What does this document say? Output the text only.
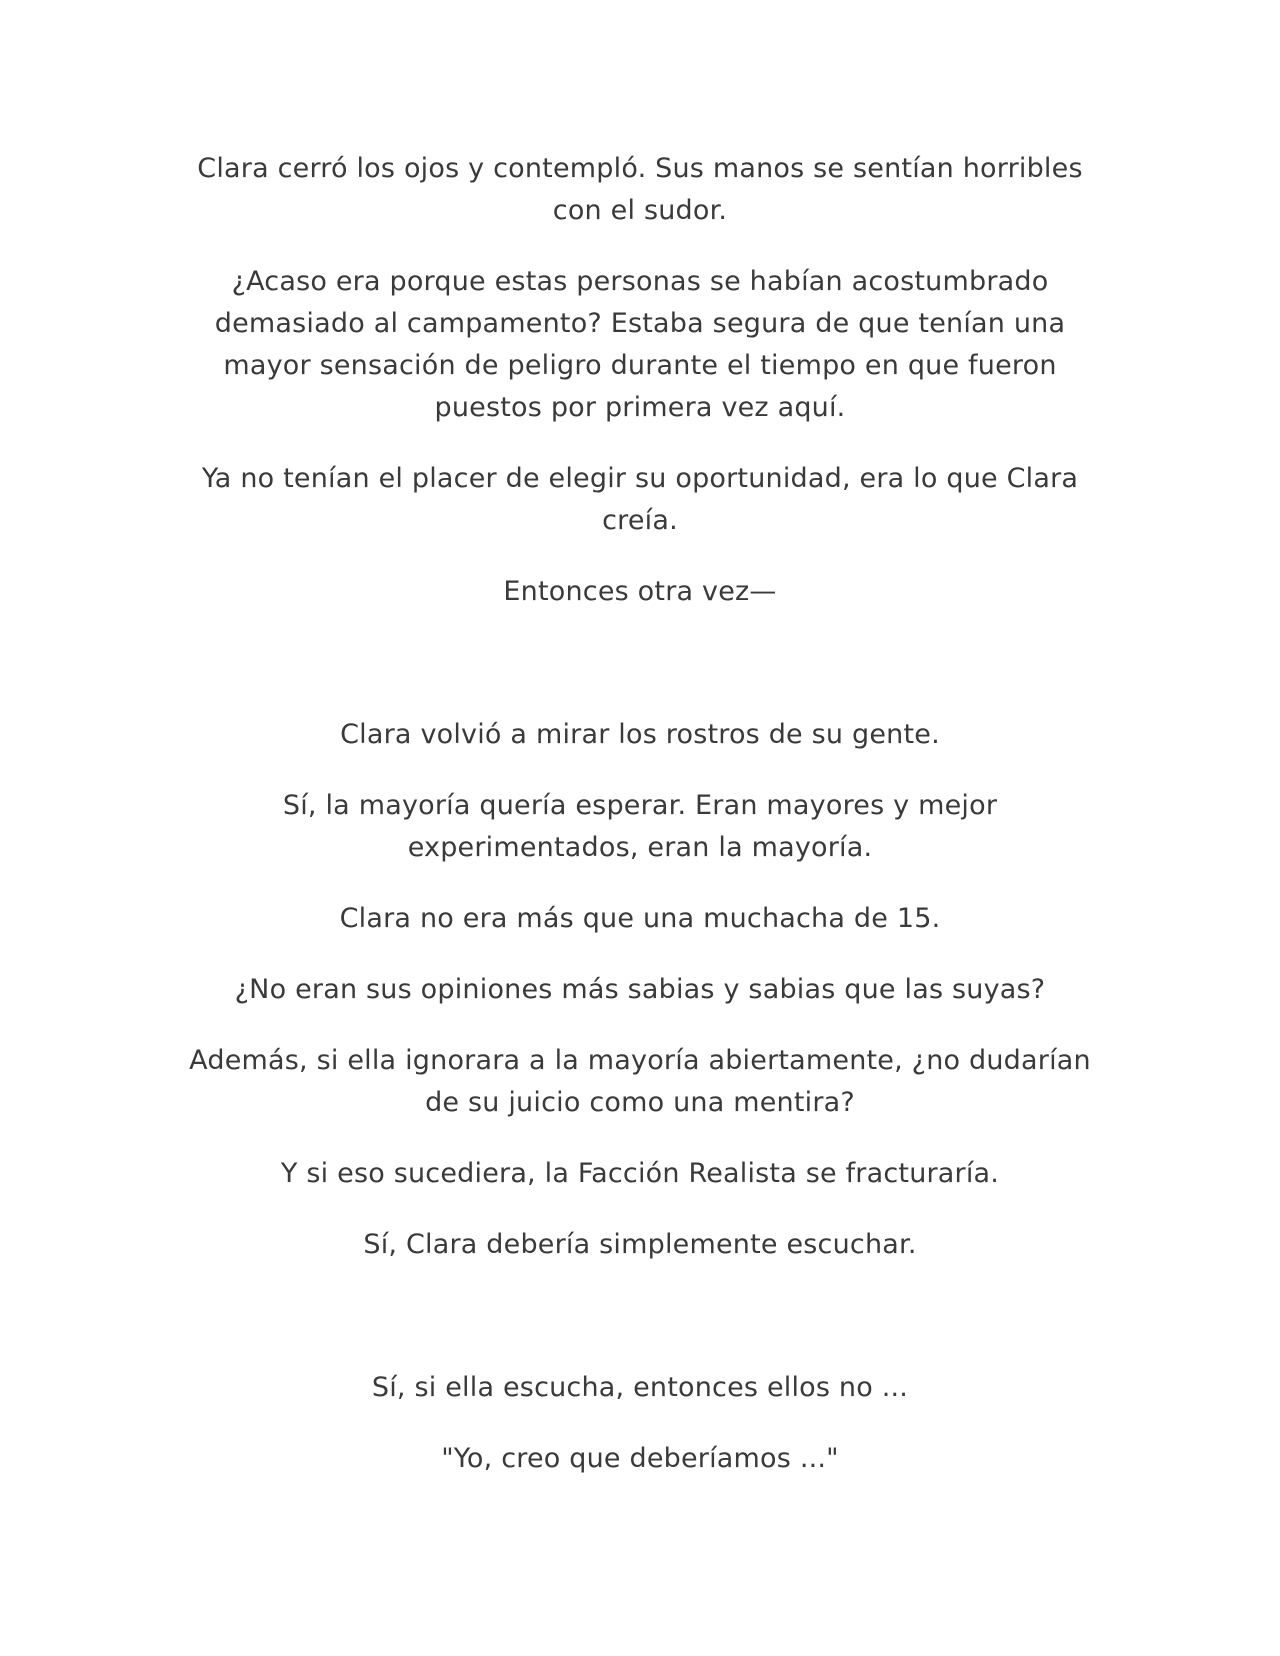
Clara cerró los ojos y contempló. Sus manos se sentían horribles con el sudor.

¿Acaso era porque estas personas se habían acostumbrado demasiado al campamento? Estaba segura de que tenían una mayor sensación de peligro durante el tiempo en que fueron puestos por primera vez aquí.

Ya no tenían el placer de elegir su oportunidad, era lo que Clara creía.

Entonces otra vez—

Clara volvió a mirar los rostros de su gente.

Sí, la mayoría quería esperar. Eran mayores y mejor experimentados, eran la mayoría.

Clara no era más que una muchacha de 15.

¿No eran sus opiniones más sabias y sabias que las suyas?

Además, si ella ignorara a la mayoría abiertamente, ¿no dudarían de su juicio como una mentira?

Y si eso sucediera, la Facción Realista se fracturaría.

Sí, Clara debería simplemente escuchar.

Sí, si ella escucha, entonces ellos no ...

"Yo, creo que deberíamos ..."
